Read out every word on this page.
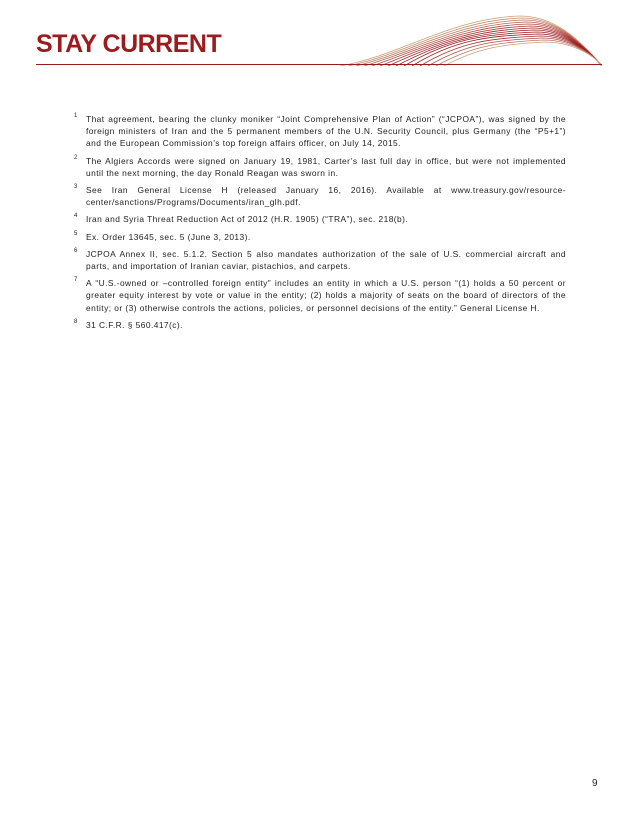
STAY CURRENT
1 That agreement, bearing the clunky moniker “Joint Comprehensive Plan of Action” (“JCPOA”), was signed by the foreign ministers of Iran and the 5 permanent members of the U.N. Security Council, plus Germany (the “P5+1”) and the European Commission’s top foreign affairs officer, on July 14, 2015.
2 The Algiers Accords were signed on January 19, 1981, Carter’s last full day in office, but were not implemented until the next morning, the day Ronald Reagan was sworn in.
3 See Iran General License H (released January 16, 2016). Available at www.treasury.gov/resource-center/sanctions/Programs/Documents/iran_glh.pdf.
4 Iran and Syria Threat Reduction Act of 2012 (H.R. 1905) (“TRA”), sec. 218(b).
5 Ex. Order 13645, sec. 5 (June 3, 2013).
6 JCPOA Annex II, sec. 5.1.2. Section 5 also mandates authorization of the sale of U.S. commercial aircraft and parts, and importation of Iranian caviar, pistachios, and carpets.
7 A “U.S.-owned or –controlled foreign entity” includes an entity in which a U.S. person “(1) holds a 50 percent or greater equity interest by vote or value in the entity; (2) holds a majority of seats on the board of directors of the entity; or (3) otherwise controls the actions, policies, or personnel decisions of the entity.” General License H.
8 31 C.F.R. § 560.417(c).
9
